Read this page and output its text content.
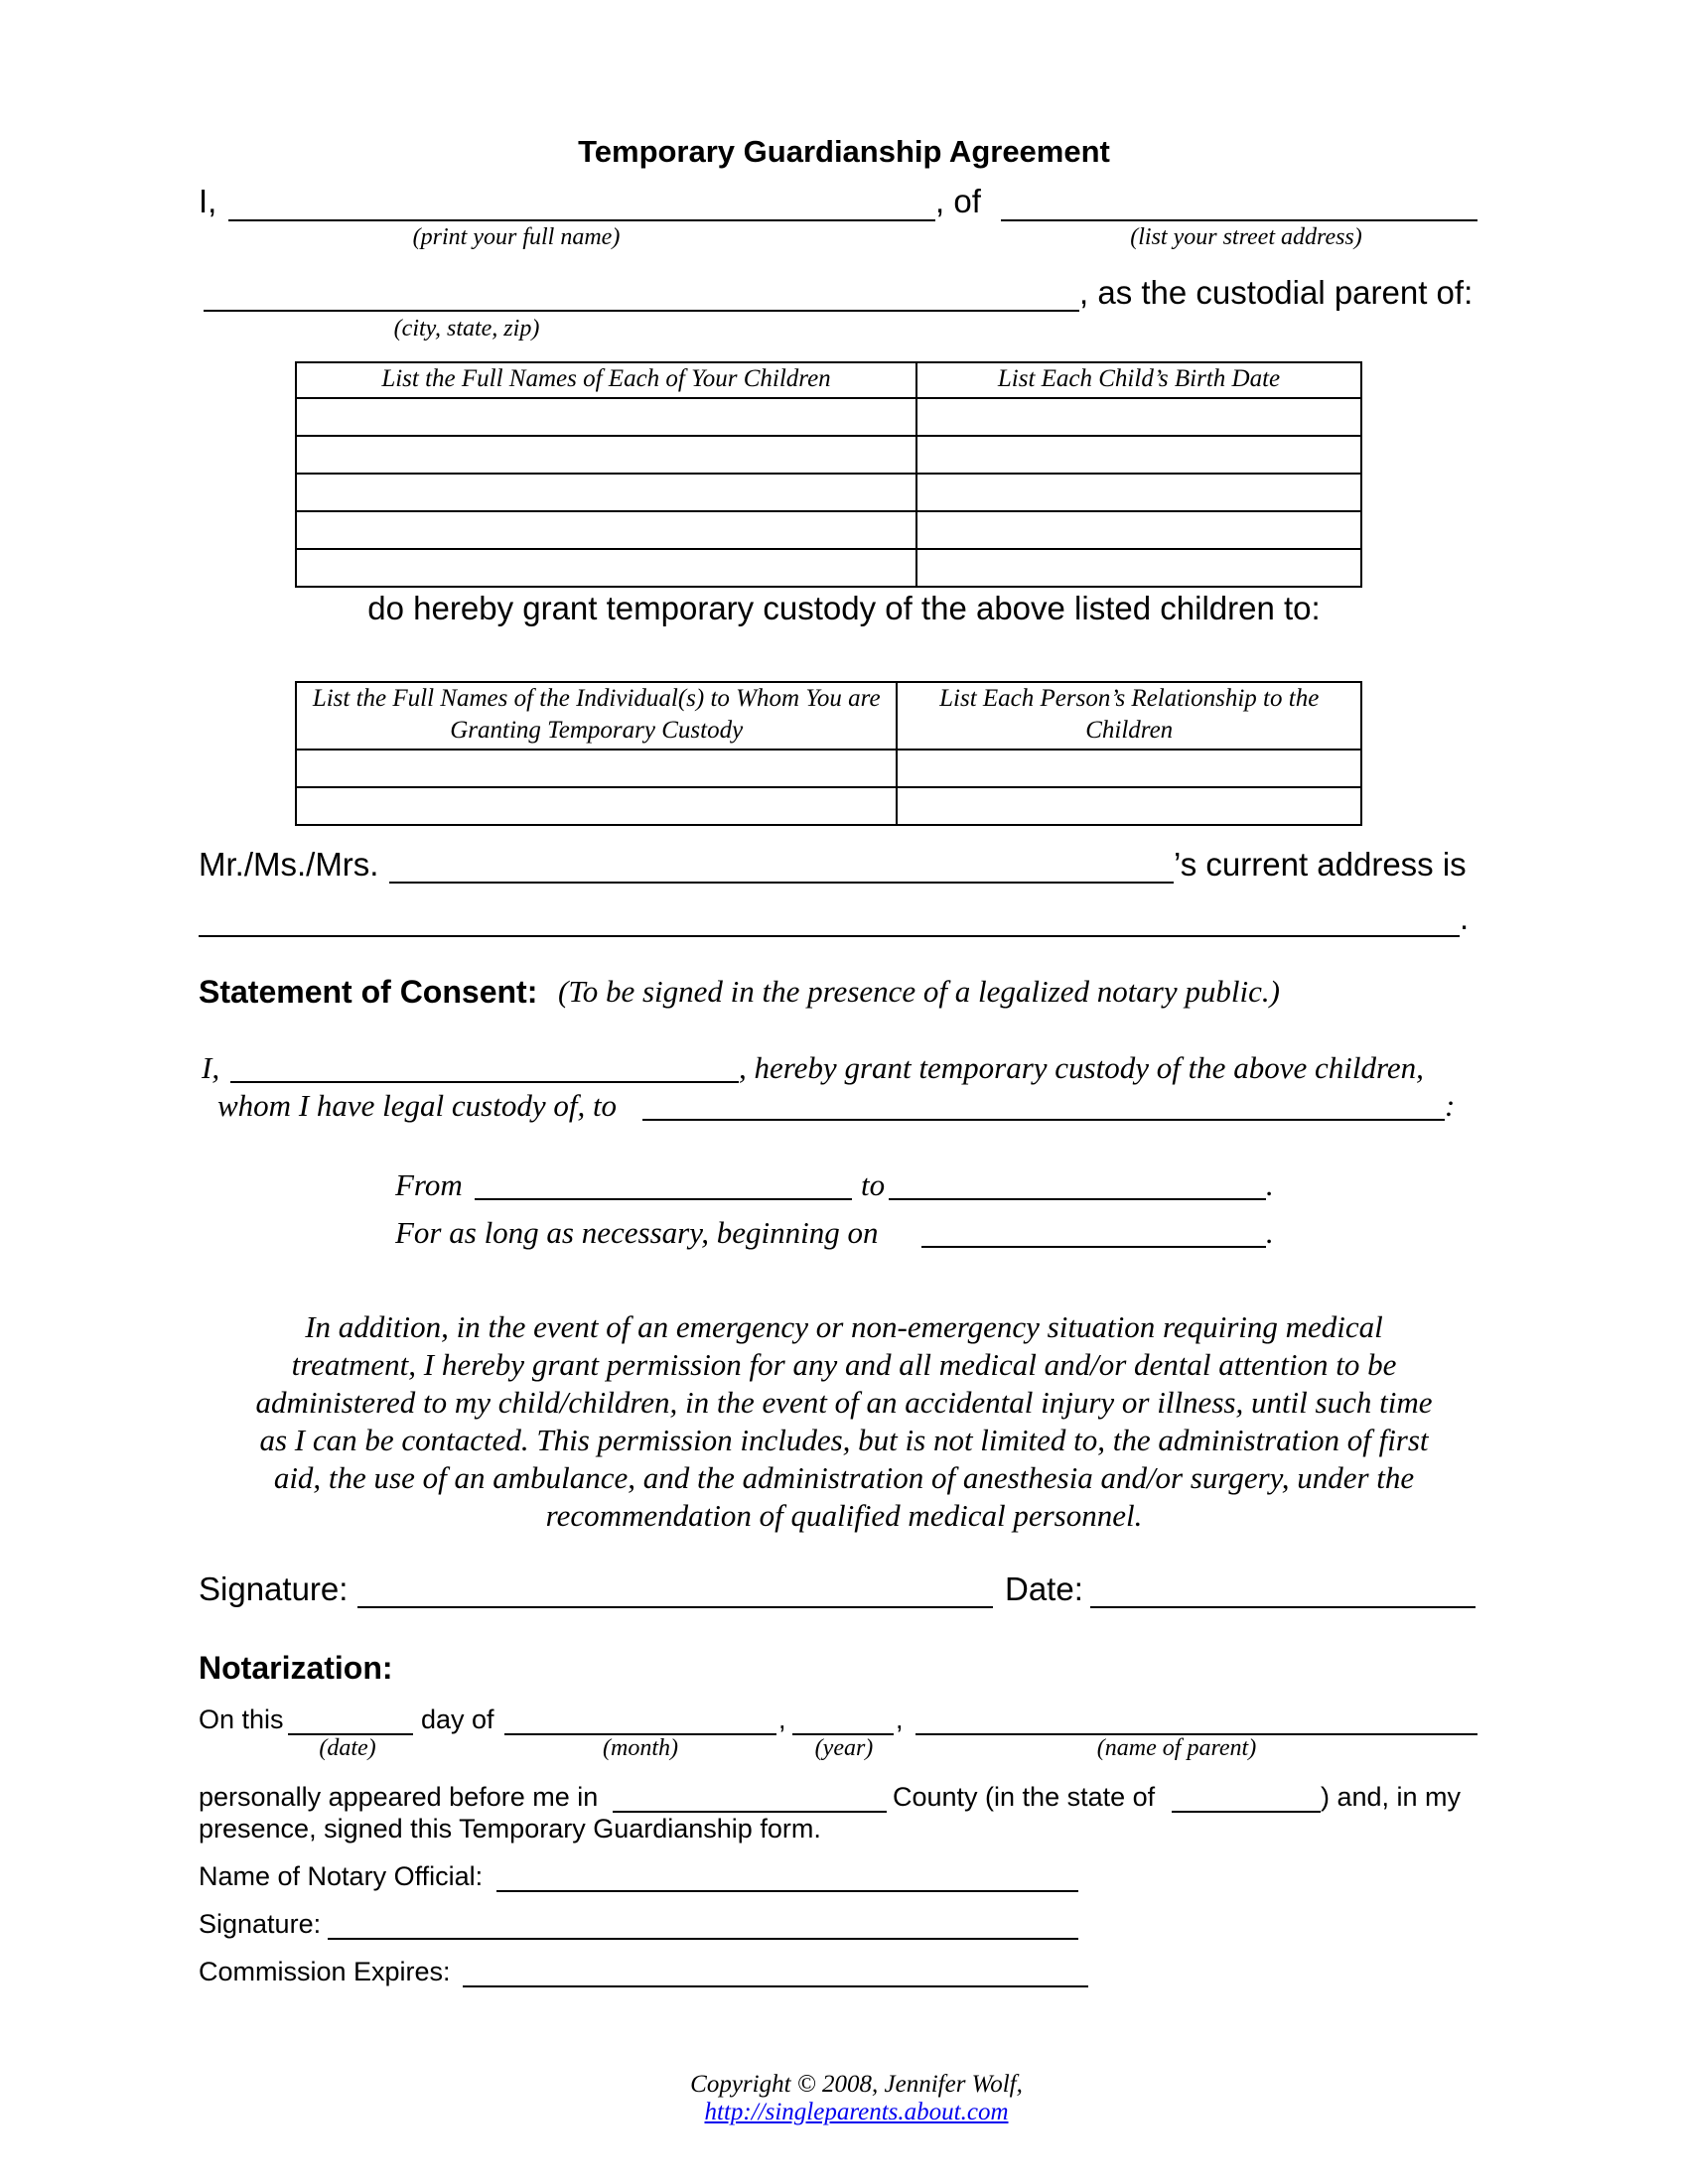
Temporary Guardianship Agreement
I,	, of
(print your full name)	(list your street address)
, as the custodial parent of:
(city, state, zip)
List the Full Names of Each of Your Children	List Each Child’s Birth Date

do hereby grant temporary custody of the above listed children to:
List the Full Names of the Individual(s) to Whom You are Granting Temporary Custody	List Each Person’s Relationship to the Children

Mr./Ms./Mrs.	’s current address is
.
Statement of Consent: (To be signed in the presence of a legalized notary public.)
I,	, hereby grant temporary custody of the above children,
whom I have legal custody of, to	:
From	to	.
For as long as necessary, beginning on	.
In addition, in the event of an emergency or non-emergency situation requiring medical
treatment, I hereby grant permission for any and all medical and/or dental attention to be
administered to my child/children, in the event of an accidental injury or illness, until such time
as I can be contacted. This permission includes, but is not limited to, the administration of first
aid, the use of an ambulance, and the administration of anesthesia and/or surgery, under the
recommendation of qualified medical personnel.
Signature:	Date:
Notarization:
On this	day of	,	,
(date)	(month)	(year)	(name of parent)
personally appeared before me in	County (in the state of	) and, in my
presence, signed this Temporary Guardianship form.
Name of Notary Official:
Signature:
Commission Expires:

Copyright © 2008, Jennifer Wolf,
http://singleparents.about.com
